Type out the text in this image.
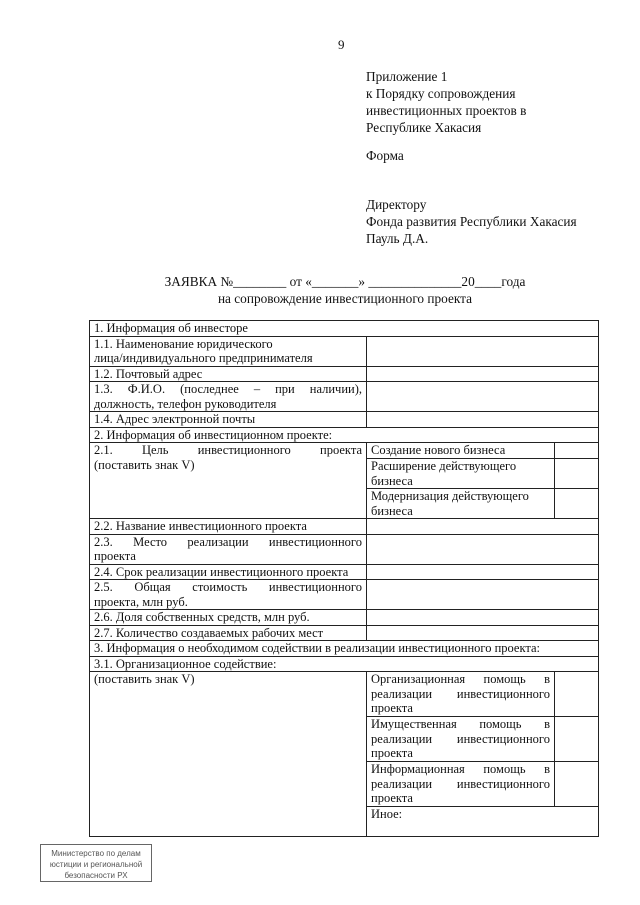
9
Приложение 1
к Порядку сопровождения
инвестиционных проектов в
Республике Хакасия
Форма
Директору
Фонда развития Республики Хакасия
Пауль Д.А.
ЗАЯВКА №________ от «_______» ______________20____года
на сопровождение инвестиционного проекта
1. Информация об инвесторе		

1.1. Наименование юридического
лица/индивидуального предпринимателя		

1.2. Почтовый адрес		

1.3. Ф.И.О. (последнее – при наличии),
должность, телефон руководителя		

1.4. Адрес электронной почты		
2. Информация об инвестиционном проекте:		

2.1. Цель инвестиционного проекта
(поставить знак V)	Создание нового бизнеса	

	Расширение действующего
бизнеса	

	Модернизация действующего
бизнеса	

2.2. Название инвестиционного проекта		

2.3. Место реализации инвестиционного
проекта		

2.4. Срок реализации инвестиционного проекта		

2.5. Общая стоимость инвестиционного
проекта, млн руб.		

2.6. Доля собственных средств, млн руб.		
2.7. Количество создаваемых рабочих мест		
3. Информация о необходимом содействии в реализации инвестиционного проекта:		
3.1. Организационное содействие:		
(поставить знак V)	Организационная помощь в
реализации инвестиционного
проекта	

	Имущественная помощь в
реализации инвестиционного
проекта	

	Информационная помощь в
реализации инвестиционного
проекта	

	Иное:	
Министерство по делам
юстиции и региональной
безопасности РХ
